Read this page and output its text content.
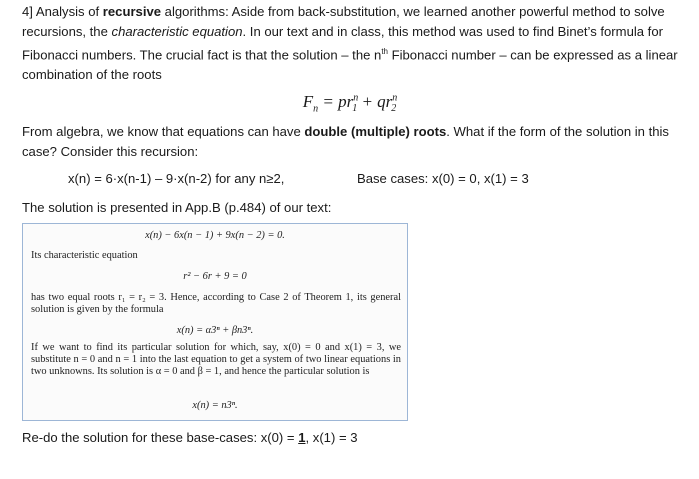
4] Analysis of recursive algorithms: Aside from back-substitution, we learned another powerful method to solve recursions, the characteristic equation. In our text and in class, this method was used to find Binet’s formula for Fibonacci numbers. The crucial fact is that the solution – the $n^{th}$ Fibonacci number – can be expressed as a linear combination of the roots
$F_n = pr^n_1 + qr^n_2$
From algebra, we know that equations can have double (multiple) roots. What if the form of the solution in this case? Consider this recursion:
x(n) = 6·x(n-1) – 9·x(n-2) for any n≥2,	Base cases: x(0) = 0, x(1) = 3
The solution is presented in App.B (p.484) of our text:
x(n) − 6x(n − 1) + 9x(n − 2) = 0.
Its characteristic equation
r² − 6r + 9 = 0
has two equal roots r₁ = r₂ = 3. Hence, according to Case 2 of Theorem 1, its general solution is given by the formula
x(n) = α3ⁿ + βn3ⁿ.
If we want to find its particular solution for which, say, x(0) = 0 and x(1) = 3, we substitute n = 0 and n = 1 into the last equation to get a system of two linear equations in two unknowns. Its solution is α = 0 and β = 1, and hence the particular solution is
x(n) = n3ⁿ.
Re-do the solution for these base-cases: x(0) = 1, x(1) = 3
